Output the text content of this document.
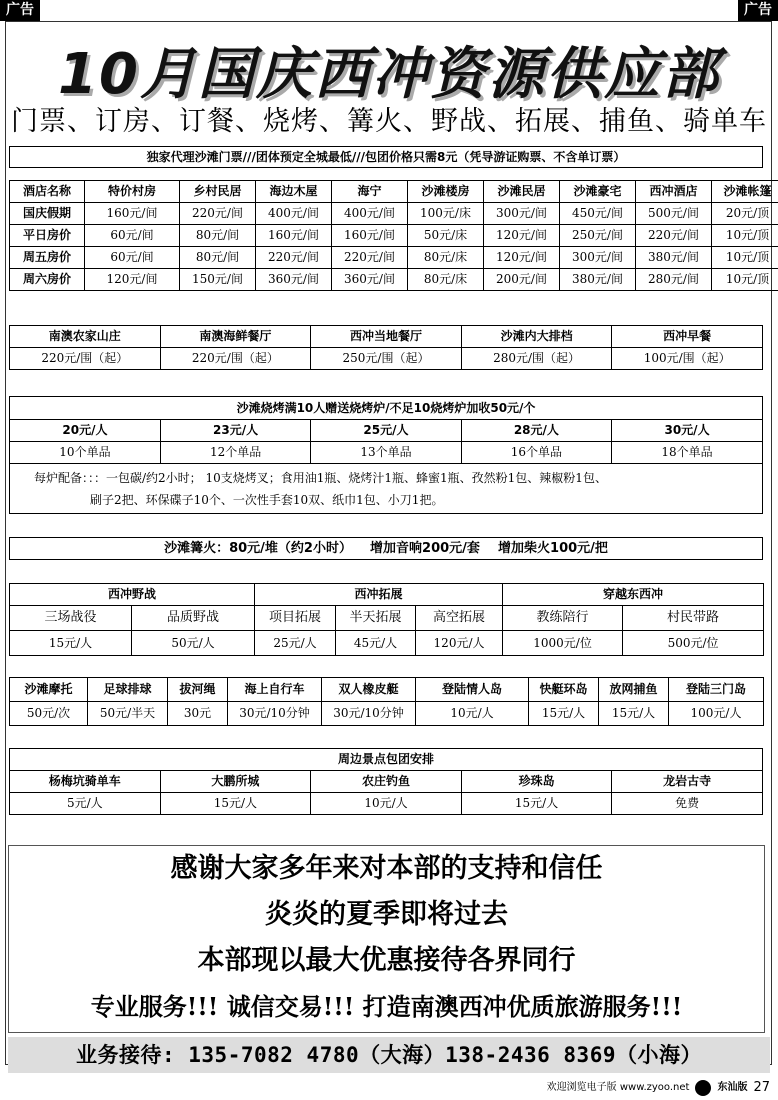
广告	广告
10月国庆西冲资源供应部
门票、订房、订餐、烧烤、篝火、野战、拓展、捕鱼、骑单车
独家代理沙滩门票///团体预定全城最低///包团价格只需8元（凭导游证购票、不含单订票）
酒店名称	特价村房	乡村民居	海边木屋	海宁	沙滩楼房	沙滩民居	沙滩豪宅	西冲酒店	沙滩帐篷
国庆假期	160元/间	220元/间	400元/间	400元/间	100元/床	300元/间	450元/间	500元/间	20元/顶
平日房价	60元/间	80元/间	160元/间	160元/间	50元/床	120元/间	250元/间	220元/间	10元/顶
周五房价	60元/间	80元/间	220元/间	220元/间	80元/床	120元/间	300元/间	380元/间	10元/顶
周六房价	120元/间	150元/间	360元/间	360元/间	80元/床	200元/间	380元/间	280元/间	10元/顶
南澳农家山庄	南澳海鲜餐厅	西冲当地餐厅	沙滩内大排档	西冲早餐
220元/围（起）	220元/围（起）	250元/围（起）	280元/围（起）	100元/围（起）
沙滩烧烤满10人赠送烧烤炉/不足10烧烤炉加收50元/个
20元/人	23元/人	25元/人	28元/人	30元/人
10个单品	12个单品	13个单品	16个单品	18个单品
每炉配备：：：一包碳/约2小时； 10支烧烤叉；食用油1瓶、烧烤汁1瓶、蜂蜜1瓶、孜然粉1包、辣椒粉1包、
刷子2把、环保碟子10个、一次性手套10双、纸巾1包、小刀1把。
沙滩篝火：80元/堆（约2小时）    增加音响200元/套    增加柴火100元/把
西冲野战		西冲拓展			穿越东西冲	
三场战役	品质野战	项目拓展	半天拓展	高空拓展	教练陪行	村民带路
15元/人	50元/人	25元/人	45元/人	120元/人	1000元/位	500元/位
沙滩摩托	足球排球	拔河绳	海上自行车	双人橡皮艇	登陆情人岛	快艇环岛	放网捕鱼	登陆三门岛
50元/次	50元/半天	30元	30元/10分钟	30元/10分钟	10元/人	15元/人	15元/人	100元/人
周边景点包团安排				
杨梅坑骑单车	大鹏所城	农庄钓鱼	珍珠岛	龙岩古寺
5元/人	15元/人	10元/人	15元/人	免费
感谢大家多年来对本部的支持和信任
炎炎的夏季即将过去
本部现以最大优惠接待各界同行
专业服务!!! 诚信交易!!! 打造南澳西冲优质旅游服务!!!
业务接待: 135-7082 4780（大海）138-2436 8369（小海）
欢迎浏览电子版 www.zyoo.net	东汕版 27
